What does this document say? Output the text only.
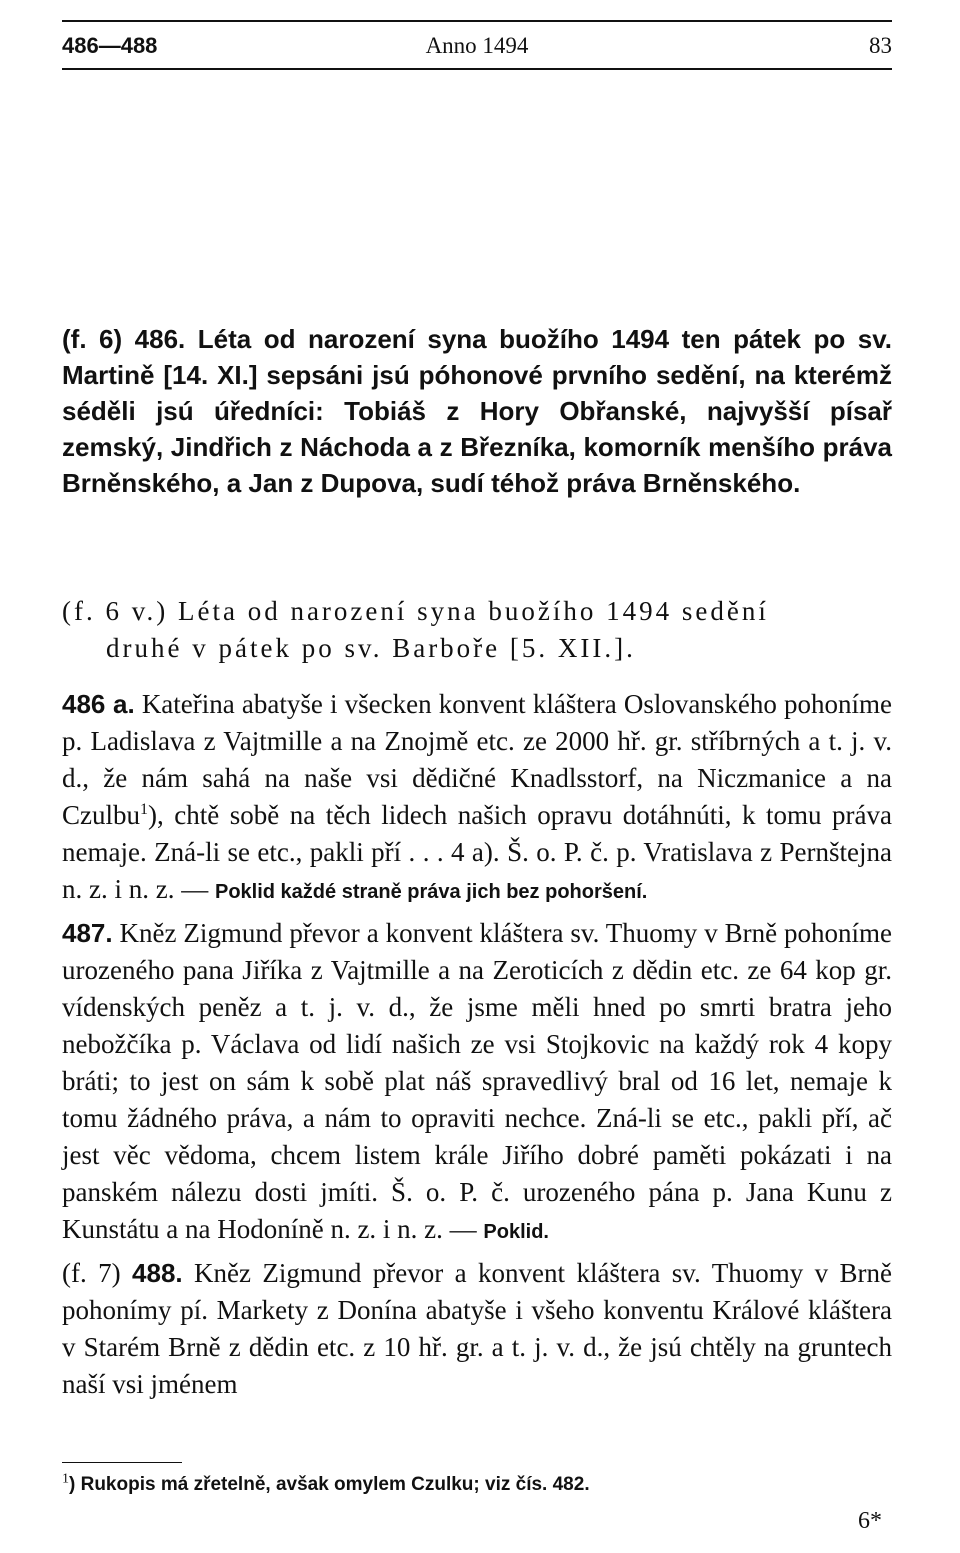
486—488	Anno 1494	83

(f. 6) 486. Léta od narození syna buožího 1494 ten pátek po sv. Martině [14. XI.] sepsáni jsú póhonové prvního sedění, na kterémž séděli jsú úředníci: Tobiáš z Hory Obřanské, najvyšší písař zemský, Jindřich z Náchoda a z Březníka, komorník menšího práva Brněnského, a Jan z Dupova, sudí téhož práva Brněnského.

(f. 6 v.) Léta od narození syna buožího 1494 sedění
druhé v pátek po sv. Barboře [5. XII.].

486 a. Kateřina abatyše i všecken konvent kláštera Oslovanského pohoníme p. Ladislava z Vajtmille a na Znojmě etc. ze 2000 hř. gr. stříbrných a t. j. v. d., že nám sahá na naše vsi dědičné Knadlsstorf, na Niczmanice a na Czulbu$^1$), chtě sobě na těch lidech našich opravu dotáhnúti, k tomu práva nemaje. Zná-li se etc., pakli pří . . . 4 a). Š. o. P. č. p. Vratislava z Pernštejna n. z. i n. z. — Poklid každé straně práva jich bez pohoršení.

487. Kněz Zigmund převor a konvent kláštera sv. Thuomy v Brně pohoníme urozeného pana Jiříka z Vajtmille a na Zeroticích z dědin etc. ze 64 kop gr. vídenských peněz a t. j. v. d., že jsme měli hned po smrti bratra jeho nebožčíka p. Václava od lidí našich ze vsi Stojkovic na každý rok 4 kopy bráti; to jest on sám k sobě plat náš spravedlivý bral od 16 let, nemaje k tomu žádného práva, a nám to opraviti nechce. Zná-li se etc., pakli pří, ač jest věc vědoma, chcem listem krále Jiřího dobré paměti pokázati i na panském nálezu dosti jmíti. Š. o. P. č. urozeného pána p. Jana Kunu z Kunstátu a na Hodoníně n. z. i n. z. — Poklid.

(f. 7) 488. Kněz Zigmund převor a konvent kláštera sv. Thuomy v Brně pohonímy pí. Markety z Donína abatyše i všeho konventu Králové kláštera v Starém Brně z dědin etc. z 10 hř. gr. a t. j. v. d., že jsú chtěly na gruntech naší vsi jménem

$^1$) Rukopis má zřetelně, avšak omylem Czulku; viz čís. 482.
6*
